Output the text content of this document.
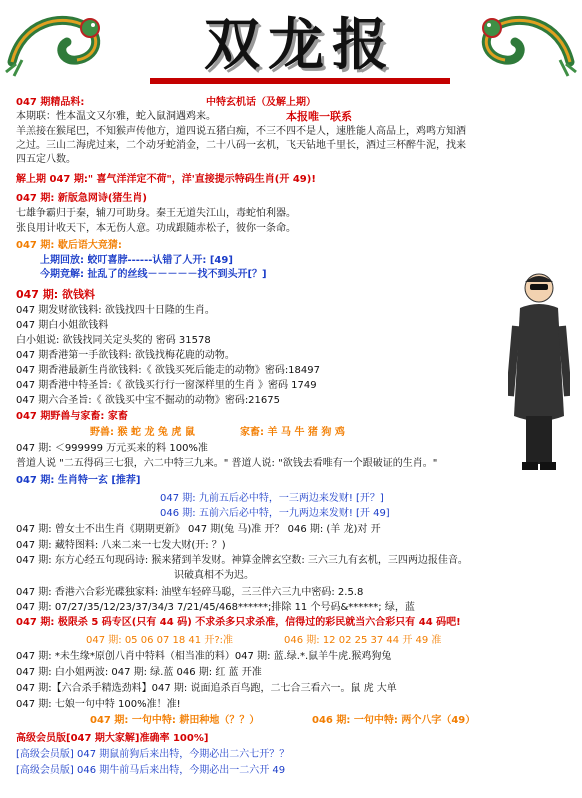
双龙报
047 期精品料:	中特玄机话（及解上期）
本报唯一联系
本期联：性本温文又尔雅，蛇入鼠洞遇鸡来。
羊羔接在猴尾巴，不知猴声传他方，道四说五猪白痴，不三不四不是人，速胜能人高品上，鸡鸣方知酒
之过。三山二海虎过来，二个动牙蛇消金，二十八码一玄机，飞天钻地千里长，酒过三杯醉牛泥，找来
四五定八数。
解上期 047 期:" 喜气洋洋定不荷"，洋'直接提示特码生肖(开 49)!
047 期: 新版急网诗(猪生肖)
七雄争霸归于秦，辅刀可助身。秦王无道失江山，毒蛇怕利器。
张良用计收天下，本无伤人意。功成跟随赤松子，彼你一条命。
047 期: 歇后语大竞猜:
上期回放: 蛟叮喜脖------认错了人开: [49]
今期竞解: 扯乱了的丝线－－－－－找不到头开[？]
047 期: 欲钱料
047 期发财欲钱料: 欲钱找四十日隆的生肖。
047 期白小姐欲钱料
白小姐说: 欲钱找同关定头奖的 密码 31578
047 期香港第一手欲钱料: 欲钱找梅花鹿的动物。
047 期香港最新生肖欲钱料:《 欲钱买死后能走的动物》密码:18497
047 期香港中特圣旨:《 欲钱买行行一窗深样里的生肖 》密码 1749
047 期六合圣旨:《 欲钱买中宝不掘动的动物》密码:21675
047 期野兽与家畜: 家畜
野兽: 猴 蛇 龙 兔 虎 鼠	家畜: 羊 马 牛 猪 狗 鸡
047 期: ＜999999 万元买来的料 100%准
普道人说 "二五得码三七狠，六二中特三九来。" 普道人说: "欲钱去看唯有一个跟破证的生肖。"
047 期: 生肖特一玄 [推荐]
047 期: 九前五后必中特，一三两边来发财! [开？]
046 期: 五前六后必中特，一九两边来发财! [开 49]
047 期: 曾女士不出生肖《期期更新》 047 期(兔 马)准 开？ 046 期: (羊 龙)对 开
047 期: 藏特图料: 八来二来一七发大财(开: ？)
047 期: 东方心经五句现码诗: 猴来猪到羊发财。神算金牌玄空数: 三六三九有玄机，三四两边报佳音。
识破真相不为迟。
047 期: 香港六合彩光碟独家料: 油壁车轻碎马聪，三三伴六三九中密码: 2.5.8
047 期: 07/27/35/12/23/37/34/3 7/21/45/468******;排除 11 个号码&******; 绿，蓝
047 期: 极限杀 5 码专区(只有 44 码) 不求杀多只求杀准，信得过的彩民就当六合彩只有 44 码吧!
047 期: 05 06 07 18 41 开?:准	046 期: 12 02 25 37 44 开 49 准
047 期: *未生缘*原创八肖中特料（相当准的料）047 期: 蓝.绿.*.鼠羊牛虎.猴鸡狗兔
047 期: 白小姐两波: 047 期: 绿.蓝 046 期: 红 蓝 开准
047 期:【六合杀手精选劲料】047 期: 说面追杀百鸟跑，二七合三看六一。鼠 虎 大单
047 期: 七娘一句中特 100%准！准!
047 期: 一句中特: 耕田种地（？？）	046 期: 一句中特: 两个八字（49）
高级会员版[047 期大家解]准确率 100%]
[高级会员版] 047 期鼠前狗后来出特，今期必出二六七开？？
[高级会员版] 046 期牛前马后来出特，今期必出一二六开 49
